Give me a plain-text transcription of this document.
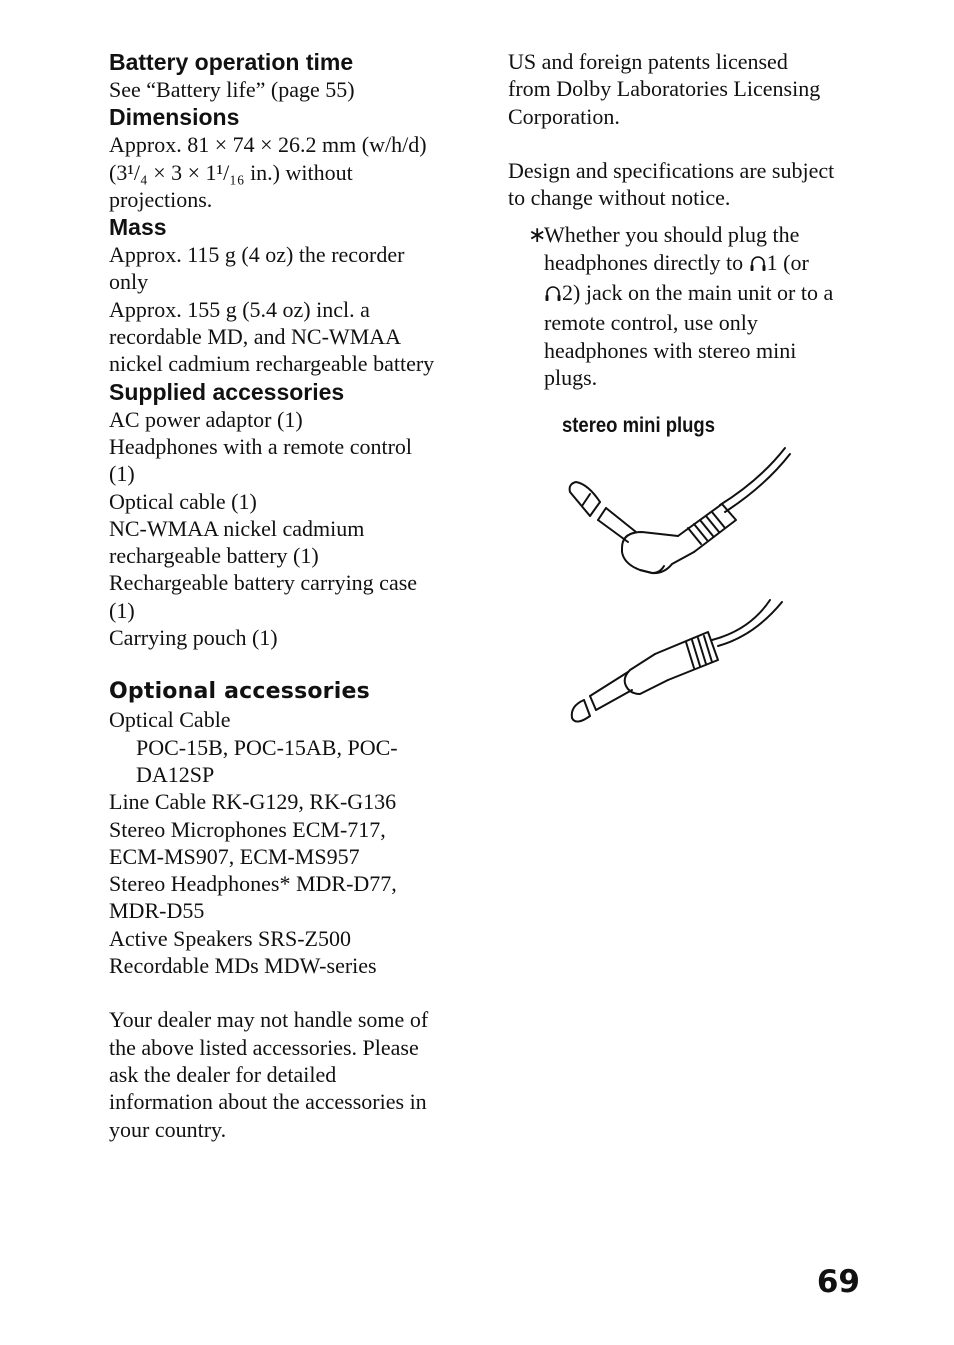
Battery operation time

See “Battery life” (page 55)

Dimensions

Approx. 81 × 74 × 26.2 mm (w/h/d)

(3¹/₄ × 3 × 1¹/₁₆ in.) without

projections.

Mass

Approx. 115 g (4 oz) the recorder

only

Approx. 155 g (5.4 oz) incl. a

recordable MD, and NC-WMAA

nickel cadmium rechargeable battery

Supplied accessories

AC power adaptor (1)

Headphones with a remote control

(1)

Optical cable (1)

NC-WMAA nickel cadmium

rechargeable battery (1)

Rechargeable battery carrying case

(1)

Carrying pouch (1)

Optional accessories

Optical Cable

POC-15B, POC-15AB, POC-

DA12SP

Line Cable RK-G129, RK-G136

Stereo Microphones ECM-717,

ECM-MS907, ECM-MS957

Stereo Headphones* MDR-D77,

MDR-D55

Active Speakers SRS-Z500

Recordable MDs MDW-series

Your dealer may not handle some of

the above listed accessories. Please

ask the dealer for detailed

information about the accessories in

your country.

US and foreign patents licensed

from Dolby Laboratories Licensing

Corporation.

Design and specifications are subject

to change without notice.

∗

Whether you should plug the

headphones directly to 1 (or

2) jack on the main unit or to a

remote control, use only

headphones with stereo mini

plugs.

stereo mini plugs
69
